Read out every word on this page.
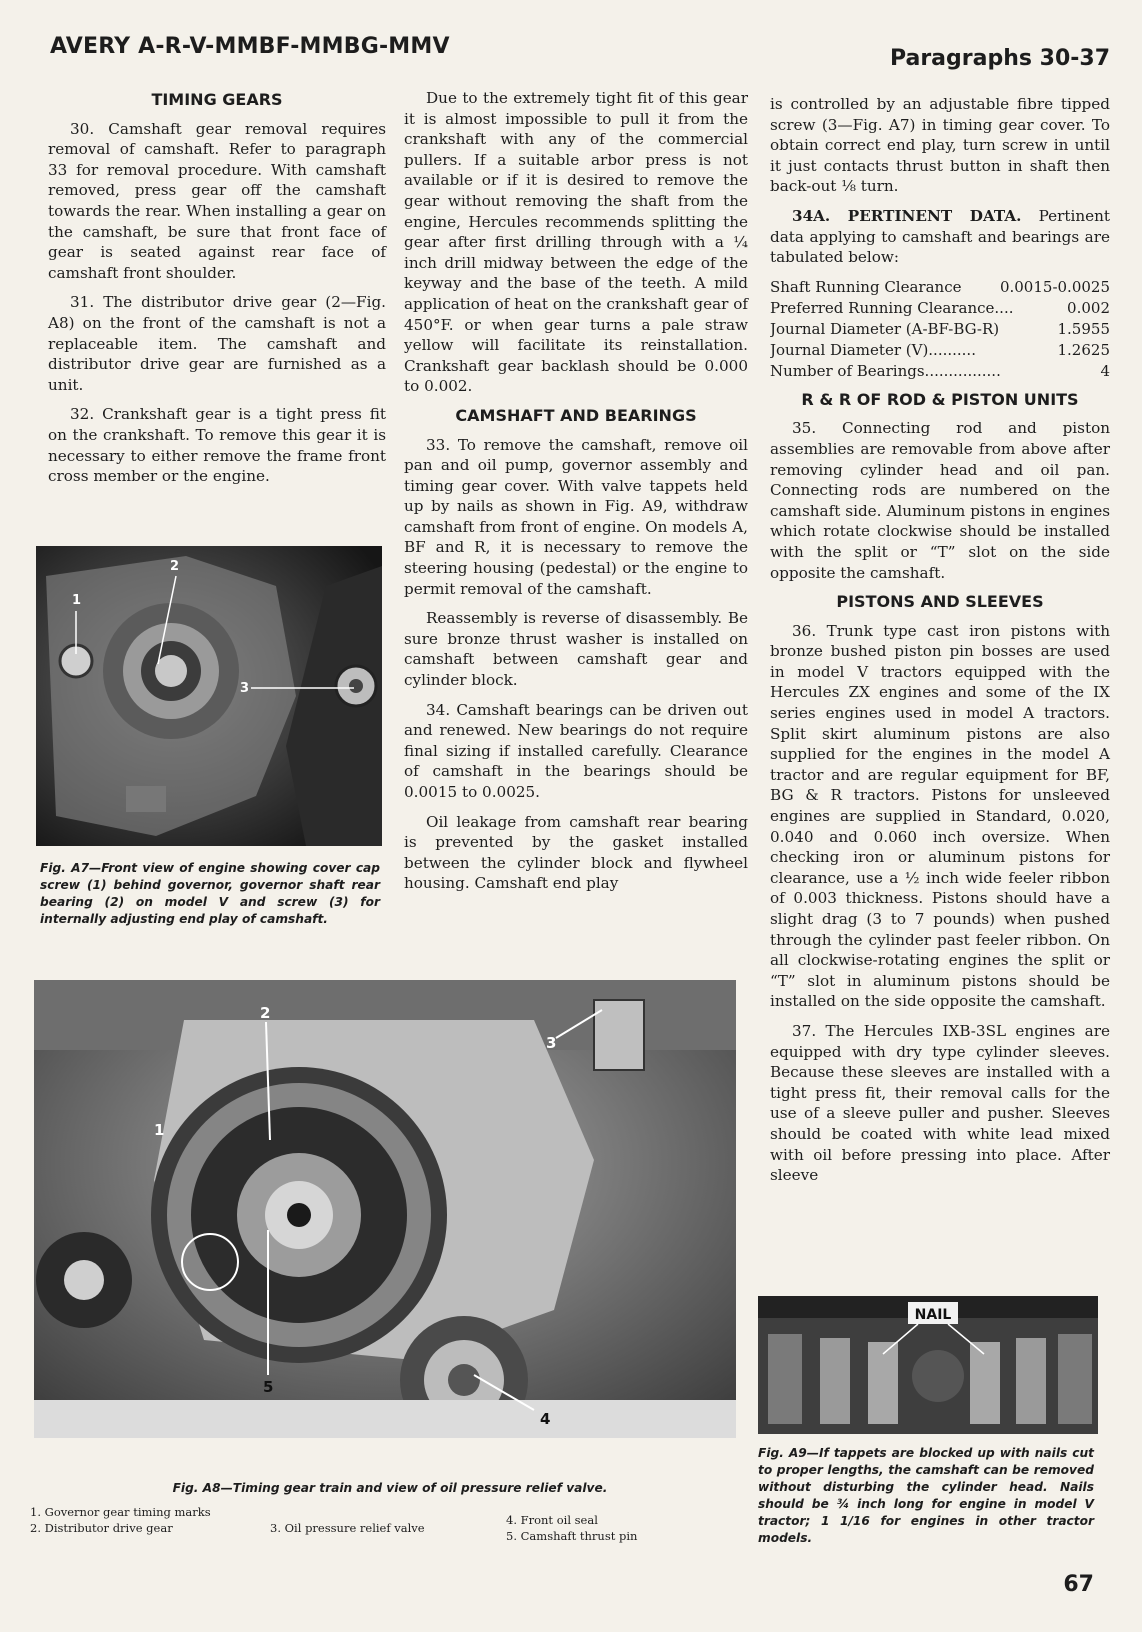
AVERY A-R-V-MMBF-MMBG-MMV	Paragraphs 30-37
TIMING GEARS

30. Camshaft gear removal requires removal of camshaft. Refer to paragraph 33 for removal procedure. With camshaft removed, press gear off the camshaft towards the rear. When installing a gear on the camshaft, be sure that front face of gear is seated against rear face of camshaft front shoulder.

31. The distributor drive gear (2—Fig. A8) on the front of the camshaft is not a replaceable item. The camshaft and distributor drive gear are furnished as a unit.

32. Crankshaft gear is a tight press fit on the crankshaft. To remove this gear it is necessary to either remove the frame front cross member or the engine.

1
2
3
Fig. A7—Front view of engine showing cover cap screw (1) behind governor, governor shaft rear bearing (2) on model V and screw (3) for internally adjusting end play of camshaft.

Due to the extremely tight fit of this gear it is almost impossible to pull it from the crankshaft with any of the commercial pullers. If a suitable arbor press is not available or if it is desired to remove the gear without removing the shaft from the engine, Hercules recommends splitting the gear after first drilling through with a ¼ inch drill midway between the edge of the keyway and the base of the teeth. A mild application of heat on the crankshaft gear of 450°F. or when gear turns a pale straw yellow will facilitate its reinstallation. Crankshaft gear backlash should be 0.000 to 0.002.

CAMSHAFT AND BEARINGS

33. To remove the camshaft, remove oil pan and oil pump, governor assembly and timing gear cover. With valve tappets held up by nails as shown in Fig. A9, withdraw camshaft from front of engine. On models A, BF and R, it is necessary to remove the steering housing (pedestal) or the engine to permit removal of the camshaft.

Reassembly is reverse of disassembly. Be sure bronze thrust washer is installed on camshaft between camshaft gear and cylinder block.

34. Camshaft bearings can be driven out and renewed. New bearings do not require final sizing if installed carefully. Clearance of camshaft in the bearings should be 0.0015 to 0.0025.

Oil leakage from camshaft rear bearing is prevented by the gasket installed between the cylinder block and flywheel housing. Camshaft end play

1
2
3
4
5
Fig. A8—Timing gear train and view of oil pressure relief valve.
1. Governor gear timing marks
2. Distributor drive gear	3. Oil pressure relief valve
4. Front oil seal
5. Camshaft thrust pin

is controlled by an adjustable fibre tipped screw (3—Fig. A7) in timing gear cover. To obtain correct end play, turn screw in until it just contacts thrust button in shaft then back-out ⅛ turn.

34A. PERTINENT DATA. Pertinent data applying to camshaft and bearings are tabulated below:

Shaft Running Clearance	0.0015-0.0025
Preferred Running Clearance....	0.002
Journal Diameter (A-BF-BG-R)	1.5955
Journal Diameter (V)..........	1.2625
Number of Bearings................	4
R & R OF ROD & PISTON UNITS

35. Connecting rod and piston assemblies are removable from above after removing cylinder head and oil pan. Connecting rods are numbered on the camshaft side. Aluminum pistons in engines which rotate clockwise should be installed with the split or “T” slot on the side opposite the camshaft.

PISTONS AND SLEEVES

36. Trunk type cast iron pistons with bronze bushed piston pin bosses are used in model V tractors equipped with the Hercules ZX engines and some of the IX series engines used in model A tractors. Split skirt aluminum pistons are also supplied for the engines in the model A tractor and are regular equipment for BF, BG & R tractors. Pistons for unsleeved engines are supplied in Standard, 0.020, 0.040 and 0.060 inch oversize. When checking iron or aluminum pistons for clearance, use a ½ inch wide feeler ribbon of 0.003 thickness. Pistons should have a slight drag (3 to 7 pounds) when pushed through the cylinder past feeler ribbon. On all clockwise-rotating engines the split or “T” slot in aluminum pistons should be installed on the side opposite the camshaft.

37. The Hercules IXB-3SL engines are equipped with dry type cylinder sleeves. Because these sleeves are installed with a tight press fit, their removal calls for the use of a sleeve puller and pusher. Sleeves should be coated with white lead mixed with oil before pressing into place. After sleeve

NAIL
Fig. A9—If tappets are blocked up with nails cut to proper lengths, the camshaft can be removed without disturbing the cylinder head. Nails should be ¾ inch long for engine in model V tractor; 1 1/16 for engines in other tractor models.
67
